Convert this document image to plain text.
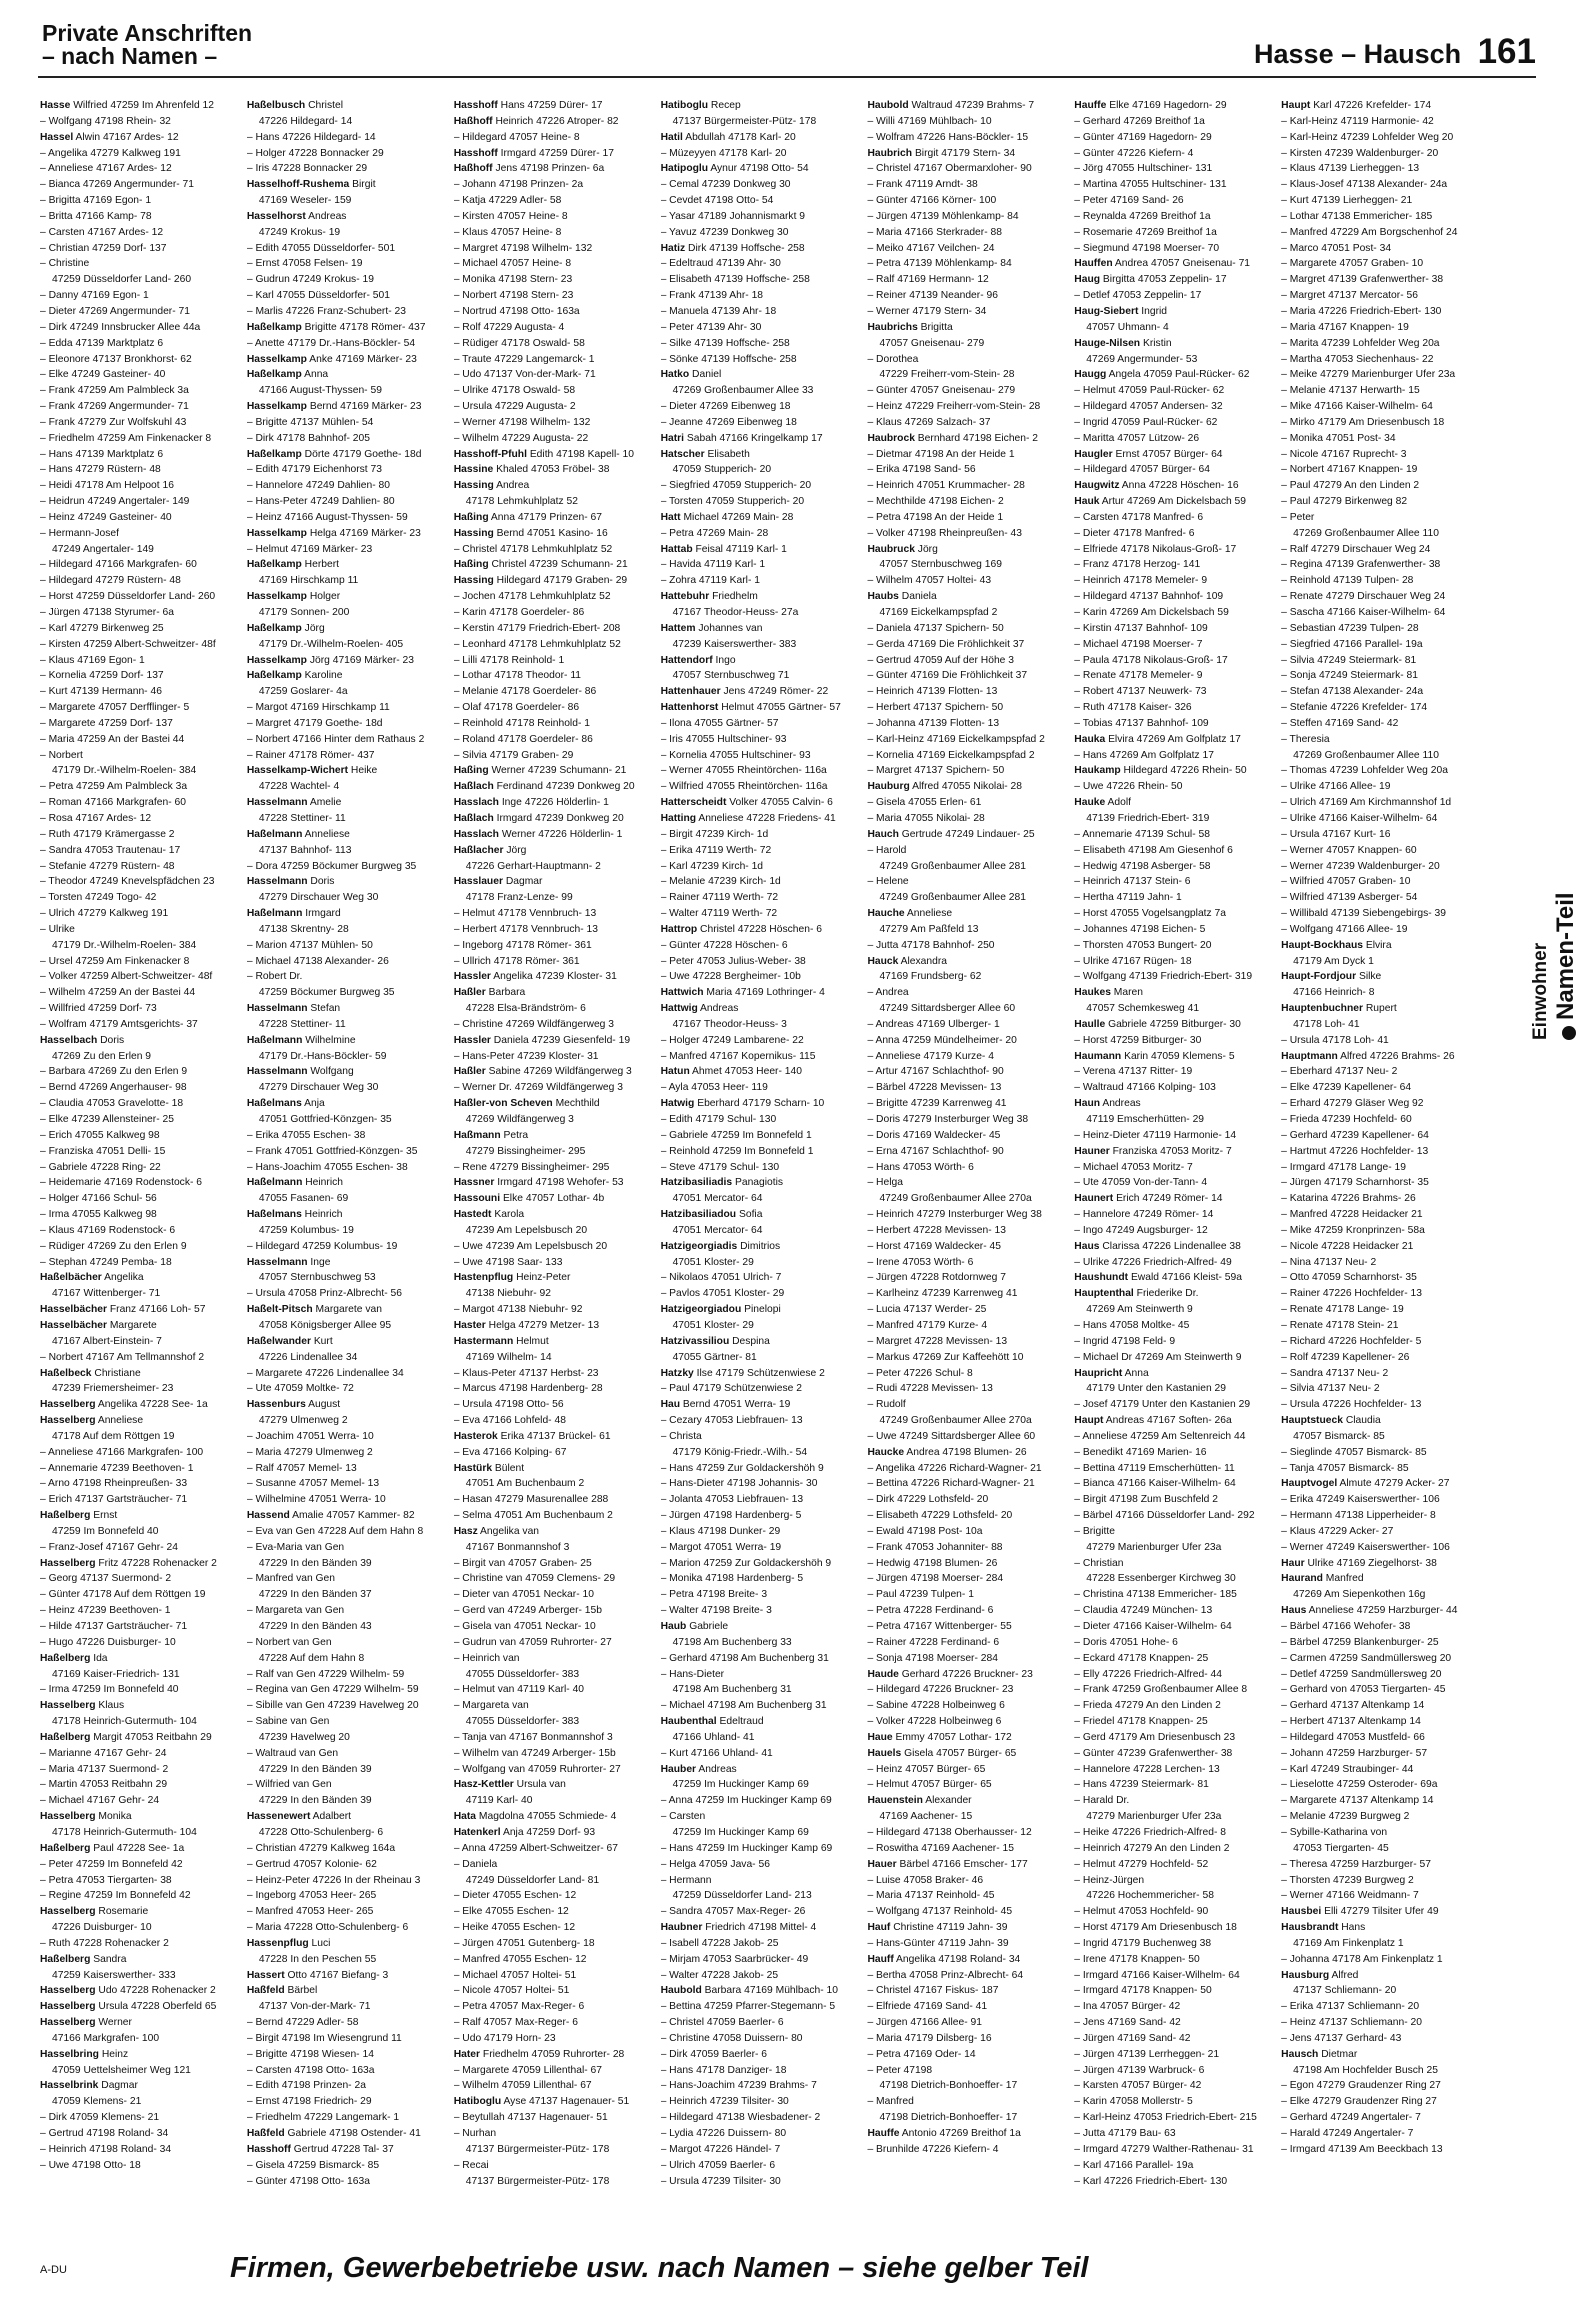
Private Anschriften
– nach Namen –	Hasse – Hausch 161
Hasse Wilfried 47259 Im Ahrenfeld 12
– Wolfgang 47198 Rhein- 32
Hassel Alwin 47167 Ardes- 12
– Angelika 47279 Kalkweg 191
– Anneliese 47167 Ardes- 12
– Bianca 47269 Angermunder- 71
– Brigitta 47169 Egon- 1
– Britta 47166 Kamp- 78
– Carsten 47167 Ardes- 12
– Christian 47259 Dorf- 137
– Christine
47259 Düsseldorfer Land- 260
– Danny 47169 Egon- 1
– Dieter 47269 Angermunder- 71
– Dirk 47249 Innsbrucker Allee 44a
– Edda 47139 Marktplatz 6
– Eleonore 47137 Bronkhorst- 62
– Elke 47249 Gasteiner- 40
– Frank 47259 Am Palmbleck 3a
– Frank 47269 Angermunder- 71
– Frank 47279 Zur Wolfskuhl 43
– Friedhelm 47259 Am Finkenacker 8
– Hans 47139 Marktplatz 6
– Hans 47279 Rüstern- 48
– Heidi 47178 Am Helpoot 16
– Heidrun 47249 Angertaler- 149
– Heinz 47249 Gasteiner- 40
– Hermann-Josef
47249 Angertaler- 149
– Hildegard 47166 Markgrafen- 60
– Hildegard 47279 Rüstern- 48
– Horst 47259 Düsseldorfer Land- 260
– Jürgen 47138 Styrumer- 6a
– Karl 47279 Birkenweg 25
– Kirsten 47259 Albert-Schweitzer- 48f
– Klaus 47169 Egon- 1
– Kornelia 47259 Dorf- 137
– Kurt 47139 Hermann- 46
– Margarete 47057 Derfflinger- 5
– Margarete 47259 Dorf- 137
– Maria 47259 An der Bastei 44
– Norbert
47179 Dr.-Wilhelm-Roelen- 384
– Petra 47259 Am Palmbleck 3a
– Roman 47166 Markgrafen- 60
– Rosa 47167 Ardes- 12
– Ruth 47179 Krämergasse 2
– Sandra 47053 Trautenau- 17
– Stefanie 47279 Rüstern- 48
– Theodor 47249 Knevelspfädchen 23
– Torsten 47249 Togo- 42
– Ulrich 47279 Kalkweg 191
– Ulrike
47179 Dr.-Wilhelm-Roelen- 384
– Ursel 47259 Am Finkenacker 8
– Volker 47259 Albert-Schweitzer- 48f
– Wilhelm 47259 An der Bastei 44
– Willfried 47259 Dorf- 73
– Wolfram 47179 Amtsgerichts- 37
Hasselbach Doris
47269 Zu den Erlen 9
– Barbara 47269 Zu den Erlen 9
– Bernd 47269 Angerhauser- 98
– Claudia 47053 Gravelotte- 18
– Elke 47239 Allensteiner- 25
– Erich 47055 Kalkweg 98
– Franziska 47051 Delli- 15
– Gabriele 47228 Ring- 22
– Heidemarie 47169 Rodenstock- 6
– Holger 47166 Schul- 56
– Irma 47055 Kalkweg 98
– Klaus 47169 Rodenstock- 6
– Rüdiger 47269 Zu den Erlen 9
– Stephan 47249 Pemba- 18
Haßelbächer Angelika
47167 Wittenberger- 71
Hasselbächer Franz 47166 Loh- 57
Hasselbächer Margarete
47167 Albert-Einstein- 7
– Norbert 47167 Am Tellmannshof 2
Haßelbeck Christiane
47239 Friemersheimer- 23
Hasselberg Angelika 47228 See- 1a
Hasselberg Anneliese
47178 Auf dem Röttgen 19
– Anneliese 47166 Markgrafen- 100
– Annemarie 47239 Beethoven- 1
– Arno 47198 Rheinpreußen- 33
– Erich 47137 Gartsträucher- 71
Haßelberg Ernst
47259 Im Bonnefeld 40
– Franz-Josef 47167 Gehr- 24
Hasselberg Fritz 47228 Rohenacker 2
– Georg 47137 Suermond- 2
– Günter 47178 Auf dem Röttgen 19
– Heinz 47239 Beethoven- 1
– Hilde 47137 Gartsträucher- 71
– Hugo 47226 Duisburger- 10
Haßelberg Ida
47169 Kaiser-Friedrich- 131
– Irma 47259 Im Bonnefeld 40
Hasselberg Klaus
47178 Heinrich-Gutermuth- 104
Haßelberg Margit 47053 Reitbahn 29
– Marianne 47167 Gehr- 24
– Maria 47137 Suermond- 2
– Martin 47053 Reitbahn 29
– Michael 47167 Gehr- 24
Hasselberg Monika
47178 Heinrich-Gutermuth- 104
Haßelberg Paul 47228 See- 1a
– Peter 47259 Im Bonnefeld 42
– Petra 47053 Tiergarten- 38
– Regine 47259 Im Bonnefeld 42
Hasselberg Rosemarie
47226 Duisburger- 10
– Ruth 47228 Rohenacker 2
Haßelberg Sandra
47259 Kaiserswerther- 333
Hasselberg Udo 47228 Rohenacker 2
Hasselberg Ursula 47228 Oberfeld 65
Hasselberg Werner
47166 Markgrafen- 100
Hasselbring Heinz
47059 Uettelsheimer Weg 121
Hasselbrink Dagmar
47059 Klemens- 21
– Dirk 47059 Klemens- 21
– Gertrud 47198 Roland- 34
– Heinrich 47198 Roland- 34
– Uwe 47198 Otto- 18
Haßelbusch Christel
47226 Hildegard- 14
– Hans 47226 Hildegard- 14
– Holger 47228 Bonnacker 29
– Iris 47228 Bonnacker 29
Hasselhoff-Rushema Birgit
47169 Weseler- 159
Hasselhorst Andreas
47249 Krokus- 19
– Edith 47055 Düsseldorfer- 501
– Ernst 47058 Felsen- 19
– Gudrun 47249 Krokus- 19
– Karl 47055 Düsseldorfer- 501
– Marlis 47226 Franz-Schubert- 23
Haßelkamp Brigitte 47178 Römer- 437
– Anette 47179 Dr.-Hans-Böckler- 54
Hasselkamp Anke 47169 Märker- 23
Haßelkamp Anna
47166 August-Thyssen- 59
Hasselkamp Bernd 47169 Märker- 23
– Brigitte 47137 Mühlen- 54
– Dirk 47178 Bahnhof- 205
Haßelkamp Dörte 47179 Goethe- 18d
– Edith 47179 Eichenhorst 73
– Hannelore 47249 Dahlien- 80
– Hans-Peter 47249 Dahlien- 80
– Heinz 47166 August-Thyssen- 59
Hasselkamp Helga 47169 Märker- 23
– Helmut 47169 Märker- 23
Haßelkamp Herbert
47169 Hirschkamp 11
Hasselkamp Holger
47179 Sonnen- 200
Haßelkamp Jörg
47179 Dr.-Wilhelm-Roelen- 405
Hasselkamp Jörg 47169 Märker- 23
Haßelkamp Karoline
47259 Goslarer- 4a
– Margot 47169 Hirschkamp 11
– Margret 47179 Goethe- 18d
– Norbert 47166 Hinter dem Rathaus 2
– Rainer 47178 Römer- 437
Hasselkamp-Wichert Heike
47228 Wachtel- 4
Hasselmann Amelie
47228 Stettiner- 11
Haßelmann Anneliese
47137 Bahnhof- 113
– Dora 47259 Böckumer Burgweg 35
Hasselmann Doris
47279 Dirschauer Weg 30
Haßelmann Irmgard
47138 Skrentny- 28
– Marion 47137 Mühlen- 50
– Michael 47138 Alexander- 26
– Robert Dr.
47259 Böckumer Burgweg 35
Hasselmann Stefan
47228 Stettiner- 11
Haßelmann Wilhelmine
47179 Dr.-Hans-Böckler- 59
Hasselmann Wolfgang
47279 Dirschauer Weg 30
Haßelmans Anja
47051 Gottfried-Könzgen- 35
– Erika 47055 Eschen- 38
– Frank 47051 Gottfried-Könzgen- 35
– Hans-Joachim 47055 Eschen- 38
Haßelmann Heinrich
47055 Fasanen- 69
Haßelmans Heinrich
47259 Kolumbus- 19
– Hildegard 47259 Kolumbus- 19
Hasselmann Inge
47057 Sternbuschweg 53
– Ursula 47058 Prinz-Albrecht- 56
Haßelt-Pitsch Margarete van
47058 Königsberger Allee 95
Haßelwander Kurt
47226 Lindenallee 34
– Margarete 47226 Lindenallee 34
– Ute 47059 Moltke- 72
Hassenburs August
47279 Ulmenweg 2
– Joachim 47051 Werra- 10
– Maria 47279 Ulmenweg 2
– Ralf 47057 Memel- 13
– Susanne 47057 Memel- 13
– Wilhelmine 47051 Werra- 10
Hassend Amalie 47057 Kammer- 82
– Eva van Gen 47228 Auf dem Hahn 8
– Eva-Maria van Gen
47229 In den Bänden 39
– Manfred van Gen
47229 In den Bänden 37
– Margareta van Gen
47229 In den Bänden 43
– Norbert van Gen
47228 Auf dem Hahn 8
– Ralf van Gen 47229 Wilhelm- 59
– Regina van Gen 47229 Wilhelm- 59
– Sibille van Gen 47239 Havelweg 20
– Sabine van Gen
47239 Havelweg 20
– Waltraud van Gen
47229 In den Bänden 39
– Wilfried van Gen
47229 In den Bänden 39
Hassenewert Adalbert
47228 Otto-Schulenberg- 6
– Christian 47279 Kalkweg 164a
– Gertrud 47057 Kolonie- 62
– Heinz-Peter 47226 In der Rheinau 3
– Ingeborg 47053 Heer- 265
– Manfred 47053 Heer- 265
– Maria 47228 Otto-Schulenberg- 6
Hassenpflug Luci
47228 In den Peschen 55
Hassert Otto 47167 Biefang- 3
Haßfeld Bärbel
47137 Von-der-Mark- 71
– Bernd 47229 Adler- 58
– Birgit 47198 Im Wiesengrund 11
– Brigitte 47198 Wiesen- 14
– Carsten 47198 Otto- 163a
– Edith 47198 Prinzen- 2a
– Ernst 47198 Friedrich- 29
– Friedhelm 47229 Langemark- 1
Haßfeld Gabriele 47198 Ostender- 41
Hasshoff Gertrud 47228 Tal- 37
– Gisela 47259 Bismarck- 85
– Günter 47198 Otto- 163a
Hasshoff Hans 47259 Dürer- 17
Haßhoff Heinrich 47226 Atroper- 82
– Hildegard 47057 Heine- 8
Hasshoff Irmgard 47259 Dürer- 17
Haßhoff Jens 47198 Prinzen- 6a
– Johann 47198 Prinzen- 2a
– Katja 47229 Adler- 58
– Kirsten 47057 Heine- 8
– Klaus 47057 Heine- 8
– Margret 47198 Wilhelm- 132
– Michael 47057 Heine- 8
– Monika 47198 Stern- 23
– Norbert 47198 Stern- 23
– Nortrud 47198 Otto- 163a
– Rolf 47229 Augusta- 4
– Rüdiger 47178 Oswald- 58
– Traute 47229 Langemarck- 1
– Udo 47137 Von-der-Mark- 71
– Ulrike 47178 Oswald- 58
– Ursula 47229 Augusta- 2
– Werner 47198 Wilhelm- 132
– Wilhelm 47229 Augusta- 22
Hasshoff-Pfuhl Edith 47198 Kapell- 10
Hassine Khaled 47053 Fröbel- 38
Hassing Andrea
47178 Lehmkuhlplatz 52
Haßing Anna 47179 Prinzen- 67
Hassing Bernd 47051 Kasino- 16
– Christel 47178 Lehmkuhlplatz 52
Haßing Christel 47239 Schumann- 21
Hassing Hildegard 47179 Graben- 29
– Jochen 47178 Lehmkuhlplatz 52
– Karin 47178 Goerdeler- 86
– Kerstin 47179 Friedrich-Ebert- 208
– Leonhard 47178 Lehmkuhlplatz 52
– Lilli 47178 Reinhold- 1
– Lothar 47178 Theodor- 11
– Melanie 47178 Goerdeler- 86
– Olaf 47178 Goerdeler- 86
– Reinhold 47178 Reinhold- 1
– Roland 47178 Goerdeler- 86
– Silvia 47179 Graben- 29
Haßing Werner 47239 Schumann- 21
Haßlach Ferdinand 47239 Donkweg 20
Hasslach Inge 47226 Hölderlin- 1
Haßlach Irmgard 47239 Donkweg 20
Hasslach Werner 47226 Hölderlin- 1
Haßlacher Jörg
47226 Gerhart-Hauptmann- 2
Hasslauer Dagmar
47178 Franz-Lenze- 99
– Helmut 47178 Vennbruch- 13
– Herbert 47178 Vennbruch- 13
– Ingeborg 47178 Römer- 361
– Ullrich 47178 Römer- 361
Hassler Angelika 47239 Kloster- 31
Haßler Barbara
47228 Elsa-Brändström- 6
– Christine 47269 Wildfängerweg 3
Hassler Daniela 47239 Giesenfeld- 19
– Hans-Peter 47239 Kloster- 31
Haßler Sabine 47269 Wildfängerweg 3
– Werner Dr. 47269 Wildfängerweg 3
Haßler-von Scheven Mechthild
47269 Wildfängerweg 3
Haßmann Petra
47279 Bissingheimer- 295
– Rene 47279 Bissingheimer- 295
Hassner Irmgard 47198 Wehofer- 53
Hassouni Elke 47057 Lothar- 4b
Hastedt Karola
47239 Am Lepelsbusch 20
– Uwe 47239 Am Lepelsbusch 20
– Uwe 47198 Saar- 133
Hastenpflug Heinz-Peter
47138 Niebuhr- 92
– Margot 47138 Niebuhr- 92
Haster Helga 47279 Metzer- 13
Hastermann Helmut
47169 Wilhelm- 14
– Klaus-Peter 47137 Herbst- 23
– Marcus 47198 Hardenberg- 28
– Ursula 47198 Otto- 56
– Eva 47166 Lohfeld- 48
Hasterok Erika 47137 Brückel- 61
– Eva 47166 Kolping- 67
Hastürk Bülent
47051 Am Buchenbaum 2
– Hasan 47279 Masurenallee 288
– Selma 47051 Am Buchenbaum 2
Hasz Angelika van
47167 Bonmannshof 3
– Birgit van 47057 Graben- 25
– Christine van 47059 Clemens- 29
– Dieter van 47051 Neckar- 10
– Gerd van 47249 Arberger- 15b
– Gisela van 47051 Neckar- 10
– Gudrun van 47059 Ruhrorter- 27
– Heinrich van
47055 Düsseldorfer- 383
– Helmut van 47119 Karl- 40
– Margareta van
47055 Düsseldorfer- 383
– Tanja van 47167 Bonmannshof 3
– Wilhelm van 47249 Arberger- 15b
– Wolfgang van 47059 Ruhrorter- 27
Hasz-Kettler Ursula van
47119 Karl- 40
Hata Magdolna 47055 Schmiede- 4
Hatenkerl Anja 47259 Dorf- 93
– Anna 47259 Albert-Schweitzer- 67
– Daniela
47249 Düsseldorfer Land- 81
– Dieter 47055 Eschen- 12
– Elke 47055 Eschen- 12
– Heike 47055 Eschen- 12
– Jürgen 47051 Gutenberg- 18
– Manfred 47055 Eschen- 12
– Michael 47057 Holtei- 51
– Nicole 47057 Holtei- 51
– Petra 47057 Max-Reger- 6
– Ralf 47057 Max-Reger- 6
– Udo 47179 Horn- 23
Hater Friedhelm 47059 Ruhrorter- 28
– Margarete 47059 Lillenthal- 67
– Wilhelm 47059 Lillenthal- 67
Hatiboglu Ayse 47137 Hagenauer- 51
– Beytullah 47137 Hagenauer- 51
– Nurhan
47137 Bürgermeister-Pütz- 178
– Recai
47137 Bürgermeister-Pütz- 178
Hatiboglu Recep
47137 Bürgermeister-Pütz- 178
Hatil Abdullah 47178 Karl- 20
– Müzeyyen 47178 Karl- 20
Hatipoglu Aynur 47198 Otto- 54
– Cemal 47239 Donkweg 30
– Cevdet 47198 Otto- 54
– Yasar 47189 Johannismarkt 9
– Yavuz 47239 Donkweg 30
Hatiz Dirk 47139 Hoffsche- 258
– Edeltraud 47139 Ahr- 30
– Elisabeth 47139 Hoffsche- 258
– Frank 47139 Ahr- 18
– Manuela 47139 Ahr- 18
– Peter 47139 Ahr- 30
– Silke 47139 Hoffsche- 258
– Sönke 47139 Hoffsche- 258
Hatko Daniel
47269 Großenbaumer Allee 33
– Dieter 47269 Eibenweg 18
– Jeanne 47269 Eibenweg 18
Hatri Sabah 47166 Kringelkamp 17
Hatscher Elisabeth
47059 Stupperich- 20
– Siegfried 47059 Stupperich- 20
– Torsten 47059 Stupperich- 20
Hatt Michael 47269 Main- 28
– Petra 47269 Main- 28
Hattab Feisal 47119 Karl- 1
– Havida 47119 Karl- 1
– Zohra 47119 Karl- 1
Hattebuhr Friedhelm
47167 Theodor-Heuss- 27a
Hattem Johannes van
47239 Kaiserswerther- 383
Hattendorf Ingo
47057 Sternbuschweg 71
Hattenhauer Jens 47249 Römer- 22
Hattenhorst Helmut 47055 Gärtner- 57
– Ilona 47055 Gärtner- 57
– Iris 47055 Hultschiner- 93
– Kornelia 47055 Hultschiner- 93
– Werner 47055 Rheintörchen- 116a
– Wilfried 47055 Rheintörchen- 116a
Hatterscheidt Volker 47055 Calvin- 6
Hatting Anneliese 47228 Friedens- 41
– Birgit 47239 Kirch- 1d
– Erika 47119 Werth- 72
– Karl 47239 Kirch- 1d
– Melanie 47239 Kirch- 1d
– Rainer 47119 Werth- 72
– Walter 47119 Werth- 72
Hattrop Christel 47228 Höschen- 6
– Günter 47228 Höschen- 6
– Peter 47053 Julius-Weber- 38
– Uwe 47228 Bergheimer- 10b
Hattwich Maria 47169 Lothringer- 4
Hattwig Andreas
47167 Theodor-Heuss- 3
– Holger 47249 Lambarene- 22
– Manfred 47167 Kopernikus- 115
Hatun Ahmet 47053 Heer- 140
– Ayla 47053 Heer- 119
Hatwig Eberhard 47179 Scharn- 10
– Edith 47179 Schul- 130
– Gabriele 47259 Im Bonnefeld 1
– Reinhold 47259 Im Bonnefeld 1
– Steve 47179 Schul- 130
Hatzibasiliadis Panagiotis
47051 Mercator- 64
Hatzibasiliadou Sofia
47051 Mercator- 64
Hatzigeorgiadis Dimitrios
47051 Kloster- 29
– Nikolaos 47051 Ulrich- 7
– Pavlos 47051 Kloster- 29
Hatzigeorgiadou Pinelopi
47051 Kloster- 29
Hatzivassiliou Despina
47055 Gärtner- 81
Hatzky Ilse 47179 Schützenwiese 2
– Paul 47179 Schützenwiese 2
Hau Bernd 47051 Werra- 19
– Cezary 47053 Liebfrauen- 13
– Christa
47179 König-Friedr.-Wilh.- 54
– Hans 47259 Zur Goldackershöh 9
– Hans-Dieter 47198 Johannis- 30
– Jolanta 47053 Liebfrauen- 13
– Jürgen 47198 Hardenberg- 5
– Klaus 47198 Dunker- 29
– Margot 47051 Werra- 19
– Marion 47259 Zur Goldackershöh 9
– Monika 47198 Hardenberg- 5
– Petra 47198 Breite- 3
– Walter 47198 Breite- 3
Haub Gabriele
47198 Am Buchenberg 33
– Gerhard 47198 Am Buchenberg 31
– Hans-Dieter
47198 Am Buchenberg 31
– Michael 47198 Am Buchenberg 31
Haubenthal Edeltraud
47166 Uhland- 41
– Kurt 47166 Uhland- 41
Hauber Andreas
47259 Im Huckinger Kamp 69
– Anna 47259 Im Huckinger Kamp 69
– Carsten
47259 Im Huckinger Kamp 69
– Hans 47259 Im Huckinger Kamp 69
– Helga 47059 Java- 56
– Hermann
47259 Düsseldorfer Land- 213
– Sandra 47057 Max-Reger- 26
Haubner Friedrich 47198 Mittel- 4
– Isabell 47228 Jakob- 25
– Mirjam 47053 Saarbrücker- 49
– Walter 47228 Jakob- 25
Haubold Barbara 47169 Mühlbach- 10
– Bettina 47259 Pfarrer-Stegemann- 5
– Christel 47059 Baerler- 6
– Christine 47058 Duissern- 80
– Dirk 47059 Baerler- 6
– Hans 47178 Danziger- 18
– Hans-Joachim 47239 Brahms- 7
– Heinrich 47239 Tilsiter- 30
– Hildegard 47138 Wiesbadener- 2
– Lydia 47226 Duissern- 80
– Margot 47226 Händel- 7
– Ulrich 47059 Baerler- 6
– Ursula 47239 Tilsiter- 30
Haubold Waltraud 47239 Brahms- 7
– Willi 47169 Mühlbach- 10
– Wolfram 47226 Hans-Böckler- 15
Haubrich Birgit 47179 Stern- 34
– Christel 47167 Obermarxloher- 90
– Frank 47119 Arndt- 38
– Günter 47166 Körner- 100
– Jürgen 47139 Möhlenkamp- 84
– Maria 47166 Sterkrader- 88
– Meiko 47167 Veilchen- 24
– Petra 47139 Möhlenkamp- 84
– Ralf 47169 Hermann- 12
– Reiner 47139 Neander- 96
– Werner 47179 Stern- 34
Haubrichs Brigitta
47057 Gneisenau- 279
– Dorothea
47229 Freiherr-vom-Stein- 28
– Günter 47057 Gneisenau- 279
– Heinz 47229 Freiherr-vom-Stein- 28
– Klaus 47269 Salzach- 37
Haubrock Bernhard 47198 Eichen- 2
– Dietmar 47198 An der Heide 1
– Erika 47198 Sand- 56
– Heinrich 47051 Krummacher- 28
– Mechthilde 47198 Eichen- 2
– Petra 47198 An der Heide 1
– Volker 47198 Rheinpreußen- 43
Haubruck Jörg
47057 Sternbuschweg 169
– Wilhelm 47057 Holtei- 43
Haubs Daniela
47169 Eickelkampspfad 2
– Daniela 47137 Spichern- 50
– Gerda 47169 Die Fröhlichkeit 37
– Gertrud 47059 Auf der Höhe 3
– Günter 47169 Die Fröhlichkeit 37
– Heinrich 47139 Flotten- 13
– Herbert 47137 Spichern- 50
– Johanna 47139 Flotten- 13
– Karl-Heinz 47169 Eickelkampspfad 2
– Kornelia 47169 Eickelkampspfad 2
– Margret 47137 Spichern- 50
Hauburg Alfred 47055 Nikolai- 28
– Gisela 47055 Erlen- 61
– Maria 47055 Nikolai- 28
Hauch Gertrude 47249 Lindauer- 25
– Harold
47249 Großenbaumer Allee 281
– Helene
47249 Großenbaumer Allee 281
Hauche Anneliese
47279 Am Paßfeld 13
– Jutta 47178 Bahnhof- 250
Hauck Alexandra
47169 Frundsberg- 62
– Andrea
47249 Sittardsberger Allee 60
– Andreas 47169 Ulberger- 1
– Anna 47259 Mündelheimer- 20
– Anneliese 47179 Kurze- 4
– Artur 47167 Schlachthof- 90
– Bärbel 47228 Mevissen- 13
– Brigitte 47239 Karrenweg 41
– Doris 47279 Insterburger Weg 38
– Doris 47169 Waldecker- 45
– Erna 47167 Schlachthof- 90
– Hans 47053 Wörth- 6
– Helga
47249 Großenbaumer Allee 270a
– Heinrich 47279 Insterburger Weg 38
– Herbert 47228 Mevissen- 13
– Horst 47169 Waldecker- 45
– Irene 47053 Wörth- 6
– Jürgen 47228 Rotdornweg 7
– Karlheinz 47239 Karrenweg 41
– Lucia 47137 Werder- 25
– Manfred 47179 Kurze- 4
– Margret 47228 Mevissen- 13
– Markus 47269 Zur Kaffeehött 10
– Peter 47226 Schul- 8
– Rudi 47228 Mevissen- 13
– Rudolf
47249 Großenbaumer Allee 270a
– Uwe 47249 Sittardsberger Allee 60
Haucke Andrea 47198 Blumen- 26
– Angelika 47226 Richard-Wagner- 21
– Bettina 47226 Richard-Wagner- 21
– Dirk 47229 Lothsfeld- 20
– Elisabeth 47229 Lothsfeld- 20
– Ewald 47198 Post- 10a
– Frank 47053 Johanniter- 88
– Hedwig 47198 Blumen- 26
– Jürgen 47198 Moerser- 284
– Paul 47239 Tulpen- 1
– Petra 47228 Ferdinand- 6
– Petra 47167 Wittenberger- 55
– Rainer 47228 Ferdinand- 6
– Sonja 47198 Moerser- 284
Haude Gerhard 47226 Bruckner- 23
– Hildegard 47226 Bruckner- 23
– Sabine 47228 Holbeinweg 6
– Volker 47228 Holbeinweg 6
Haue Emmy 47057 Lothar- 172
Hauels Gisela 47057 Bürger- 65
– Heinz 47057 Bürger- 65
– Helmut 47057 Bürger- 65
Hauenstein Alexander
47169 Aachener- 15
– Hildegard 47138 Oberhausser- 12
– Roswitha 47169 Aachener- 15
Hauer Bärbel 47166 Emscher- 177
– Luise 47058 Braker- 46
– Maria 47137 Reinhold- 45
– Wolfgang 47137 Reinhold- 45
Hauf Christine 47119 Jahn- 39
– Hans-Günter 47119 Jahn- 39
Hauff Angelika 47198 Roland- 34
– Bertha 47058 Prinz-Albrecht- 64
– Christel 47167 Fiskus- 187
– Elfriede 47169 Sand- 41
– Jürgen 47166 Allee- 91
– Maria 47179 Dilsberg- 16
– Petra 47169 Oder- 14
– Peter 47198
47198 Dietrich-Bonhoeffer- 17
– Manfred
47198 Dietrich-Bonhoeffer- 17
Hauffe Antonio 47269 Breithof 1a
– Brunhilde 47226 Kiefern- 4
Hauffe Elke 47169 Hagedorn- 29
– Gerhard 47269 Breithof 1a
– Günter 47169 Hagedorn- 29
– Günter 47226 Kiefern- 4
– Jörg 47055 Hultschiner- 131
– Martina 47055 Hultschiner- 131
– Peter 47169 Sand- 26
– Reynalda 47269 Breithof 1a
– Rosemarie 47269 Breithof 1a
– Siegmund 47198 Moerser- 70
Hauffen Andrea 47057 Gneisenau- 71
Haug Birgitta 47053 Zeppelin- 17
– Detlef 47053 Zeppelin- 17
Haug-Siebert Ingrid
47057 Uhmann- 4
Hauge-Nilsen Kristin
47269 Angermunder- 53
Haugg Angela 47059 Paul-Rücker- 62
– Helmut 47059 Paul-Rücker- 62
– Hildegard 47057 Andersen- 32
– Ingrid 47059 Paul-Rücker- 62
– Maritta 47057 Lützow- 26
Haugler Ernst 47057 Bürger- 64
– Hildegard 47057 Bürger- 64
Haugwitz Anna 47228 Höschen- 16
Hauk Artur 47269 Am Dickelsbach 59
– Carsten 47178 Manfred- 6
– Dieter 47178 Manfred- 6
– Elfriede 47178 Nikolaus-Groß- 17
– Franz 47178 Herzog- 141
– Heinrich 47178 Memeler- 9
– Hildegard 47137 Bahnhof- 109
– Karin 47269 Am Dickelsbach 59
– Kirstin 47137 Bahnhof- 109
– Michael 47198 Moerser- 7
– Paula 47178 Nikolaus-Groß- 17
– Renate 47178 Memeler- 9
– Robert 47137 Neuwerk- 73
– Ruth 47178 Kaiser- 326
– Tobias 47137 Bahnhof- 109
Hauka Elvira 47269 Am Golfplatz 17
– Hans 47269 Am Golfplatz 17
Haukamp Hildegard 47226 Rhein- 50
– Uwe 47226 Rhein- 50
Hauke Adolf
47139 Friedrich-Ebert- 319
– Annemarie 47139 Schul- 58
– Elisabeth 47198 Am Giesenhof 6
– Hedwig 47198 Asberger- 58
– Heinrich 47137 Stein- 6
– Hertha 47119 Jahn- 1
– Horst 47055 Vogelsangplatz 7a
– Johannes 47198 Eichen- 5
– Thorsten 47053 Bungert- 20
– Ulrike 47167 Rügen- 18
– Wolfgang 47139 Friedrich-Ebert- 319
Haukes Maren
47057 Schemkesweg 41
Haulle Gabriele 47259 Bitburger- 30
– Horst 47259 Bitburger- 30
Haumann Karin 47059 Klemens- 5
– Verena 47137 Ritter- 19
– Waltraud 47166 Kolping- 103
Haun Andreas
47119 Emscherhütten- 29
– Heinz-Dieter 47119 Harmonie- 14
Hauner Franziska 47053 Moritz- 7
– Michael 47053 Moritz- 7
– Ute 47059 Von-der-Tann- 4
Haunert Erich 47249 Römer- 14
– Hannelore 47249 Römer- 14
– Ingo 47249 Augsburger- 12
Haus Clarissa 47226 Lindenallee 38
– Ulrike 47226 Friedrich-Alfred- 49
Haushundt Ewald 47166 Kleist- 59a
Hauptenthal Friederike Dr.
47269 Am Steinwerth 9
– Hans 47058 Moltke- 45
– Ingrid 47198 Feld- 9
– Michael Dr 47269 Am Steinwerth 9
Haupricht Anna
47179 Unter den Kastanien 29
– Josef 47179 Unter den Kastanien 29
Haupt Andreas 47167 Soften- 26a
– Anneliese 47259 Am Seltenreich 44
– Benedikt 47169 Marien- 16
– Bettina 47119 Emscherhütten- 11
– Bianca 47166 Kaiser-Wilhelm- 64
– Birgit 47198 Zum Buschfeld 2
– Bärbel 47166 Düsseldorfer Land- 292
– Brigitte
47279 Marienburger Ufer 23a
– Christian
47228 Essenberger Kirchweg 30
– Christina 47138 Emmericher- 185
– Claudia 47249 München- 13
– Dieter 47166 Kaiser-Wilhelm- 64
– Doris 47051 Hohe- 6
– Eckard 47178 Knappen- 25
– Elly 47226 Friedrich-Alfred- 44
– Frank 47259 Großenbaumer Allee 8
– Frieda 47279 An den Linden 2
– Friedel 47178 Knappen- 25
– Gerd 47179 Am Driesenbusch 23
– Günter 47239 Grafenwerther- 38
– Hannelore 47228 Lerchen- 13
– Hans 47239 Steiermark- 81
– Harald Dr.
47279 Marienburger Ufer 23a
– Heike 47226 Friedrich-Alfred- 8
– Heinrich 47279 An den Linden 2
– Helmut 47279 Hochfeld- 52
– Heinz-Jürgen
47226 Hochemmericher- 58
– Helmut 47053 Hochfeld- 90
– Horst 47179 Am Driesenbusch 18
– Ingrid 47179 Buchenweg 38
– Irene 47178 Knappen- 50
– Irmgard 47166 Kaiser-Wilhelm- 64
– Irmgard 47178 Knappen- 50
– Ina 47057 Bürger- 42
– Jens 47169 Sand- 42
– Jürgen 47169 Sand- 42
– Jürgen 47139 Lerrheggen- 21
– Jürgen 47139 Warbruck- 6
– Karsten 47057 Bürger- 42
– Karin 47058 Mollerstr- 5
– Karl-Heinz 47053 Friedrich-Ebert- 215
– Jutta 47179 Bau- 63
– Irmgard 47279 Walther-Rathenau- 31
– Karl 47166 Parallel- 19a
– Karl 47226 Friedrich-Ebert- 130
Haupt Karl 47226 Krefelder- 174
– Karl-Heinz 47119 Harmonie- 42
– Karl-Heinz 47239 Lohfelder Weg 20
– Kirsten 47239 Waldenburger- 20
– Klaus 47139 Lierheggen- 13
– Klaus-Josef 47138 Alexander- 24a
– Kurt 47139 Lierheggen- 21
– Lothar 47138 Emmericher- 185
– Manfred 47229 Am Borgschenhof 24
– Marco 47051 Post- 34
– Margarete 47057 Graben- 10
– Margret 47139 Grafenwerther- 38
– Margret 47137 Mercator- 56
– Maria 47226 Friedrich-Ebert- 130
– Maria 47167 Knappen- 19
– Marita 47239 Lohfelder Weg 20a
– Martha 47053 Siechenhaus- 22
– Meike 47279 Marienburger Ufer 23a
– Melanie 47137 Herwarth- 15
– Mike 47166 Kaiser-Wilhelm- 64
– Mirko 47179 Am Driesenbusch 18
– Monika 47051 Post- 34
– Nicole 47167 Ruprecht- 3
– Norbert 47167 Knappen- 19
– Paul 47279 An den Linden 2
– Paul 47279 Birkenweg 82
– Peter
47269 Großenbaumer Allee 110
– Ralf 47279 Dirschauer Weg 24
– Regina 47139 Grafenwerther- 38
– Reinhold 47139 Tulpen- 28
– Renate 47279 Dirschauer Weg 24
– Sascha 47166 Kaiser-Wilhelm- 64
– Sebastian 47239 Tulpen- 28
– Siegfried 47166 Parallel- 19a
– Silvia 47249 Steiermark- 81
– Sonja 47249 Steiermark- 81
– Stefan 47138 Alexander- 24a
– Stefanie 47226 Krefelder- 174
– Steffen 47169 Sand- 42
– Theresia
47269 Großenbaumer Allee 110
– Thomas 47239 Lohfelder Weg 20a
– Ulrike 47166 Allee- 19
– Ulrich 47169 Am Kirchmannshof 1d
– Ulrike 47166 Kaiser-Wilhelm- 64
– Ursula 47167 Kurt- 16
– Werner 47057 Knappen- 60
– Werner 47239 Waldenburger- 20
– Wilfried 47057 Graben- 10
– Wilfried 47139 Asberger- 54
– Willibald 47139 Siebengebirgs- 39
– Wolfgang 47166 Allee- 19
Haupt-Bockhaus Elvira
47179 Am Dyck 1
Haupt-Fordjour Silke
47166 Heinrich- 8
Hauptenbuchner Rupert
47178 Loh- 41
– Ursula 47178 Loh- 41
Hauptmann Alfred 47226 Brahms- 26
– Eberhard 47137 Neu- 2
– Elke 47239 Kapellener- 64
– Erhard 47279 Gläser Weg 92
– Frieda 47239 Hochfeld- 60
– Gerhard 47239 Kapellener- 64
– Hartmut 47226 Hochfelder- 13
– Irmgard 47178 Lange- 19
– Jürgen 47179 Scharnhorst- 35
– Katarina 47226 Brahms- 26
– Manfred 47228 Heidacker 21
– Mike 47259 Kronprinzen- 58a
– Nicole 47228 Heidacker 21
– Nina 47137 Neu- 2
– Otto 47059 Scharnhorst- 35
– Rainer 47226 Hochfelder- 13
– Renate 47178 Lange- 19
– Renate 47178 Stein- 21
– Richard 47226 Hochfelder- 5
– Rolf 47239 Kapellener- 26
– Sandra 47137 Neu- 2
– Silvia 47137 Neu- 2
– Ursula 47226 Hochfelder- 13
Hauptstueck Claudia
47057 Bismarck- 85
– Sieglinde 47057 Bismarck- 85
– Tanja 47057 Bismarck- 85
Hauptvogel Almute 47279 Acker- 27
– Erika 47249 Kaiserswerther- 106
– Hermann 47138 Lipperheider- 8
– Klaus 47229 Acker- 27
– Werner 47249 Kaiserswerther- 106
Haur Ulrike 47169 Ziegelhorst- 38
Haurand Manfred
47269 Am Siepenkothen 16g
Haus Anneliese 47259 Harzburger- 44
– Bärbel 47166 Wehofer- 38
– Bärbel 47259 Blankenburger- 25
– Carmen 47259 Sandmüllersweg 20
– Detlef 47259 Sandmüllersweg 20
– Gerhard von 47053 Tiergarten- 45
– Gerhard 47137 Altenkamp 14
– Herbert 47137 Altenkamp 14
– Hildegard 47053 Mustfeld- 66
– Johann 47259 Harzburger- 57
– Karl 47249 Straubinger- 44
– Lieselotte 47259 Osteroder- 69a
– Margarete 47137 Altenkamp 14
– Melanie 47239 Burgweg 2
– Sybille-Katharina von
47053 Tiergarten- 45
– Theresa 47259 Harzburger- 57
– Thorsten 47239 Burgweg 2
– Werner 47166 Weidmann- 7
Hausbei Elli 47279 Tilsiter Ufer 49
Hausbrandt Hans
47169 Am Finkenplatz 1
– Johanna 47178 Am Finkenplatz 1
Hausburg Alfred
47137 Schliemann- 20
– Erika 47137 Schliemann- 20
– Heinz 47137 Schliemann- 20
– Jens 47137 Gerhard- 43
Hausch Dietmar
47198 Am Hochfelder Busch 25
– Egon 47279 Graudenzer Ring 27
– Elke 47279 Graudenzer Ring 27
– Gerhard 47249 Angertaler- 7
– Harald 47249 Angertaler- 7
– Irmgard 47139 Am Beeckbach 13
Einwohner
Namen-Teil
A-DU	Firmen, Gewerbebetriebe usw. nach Namen – siehe gelber Teil
